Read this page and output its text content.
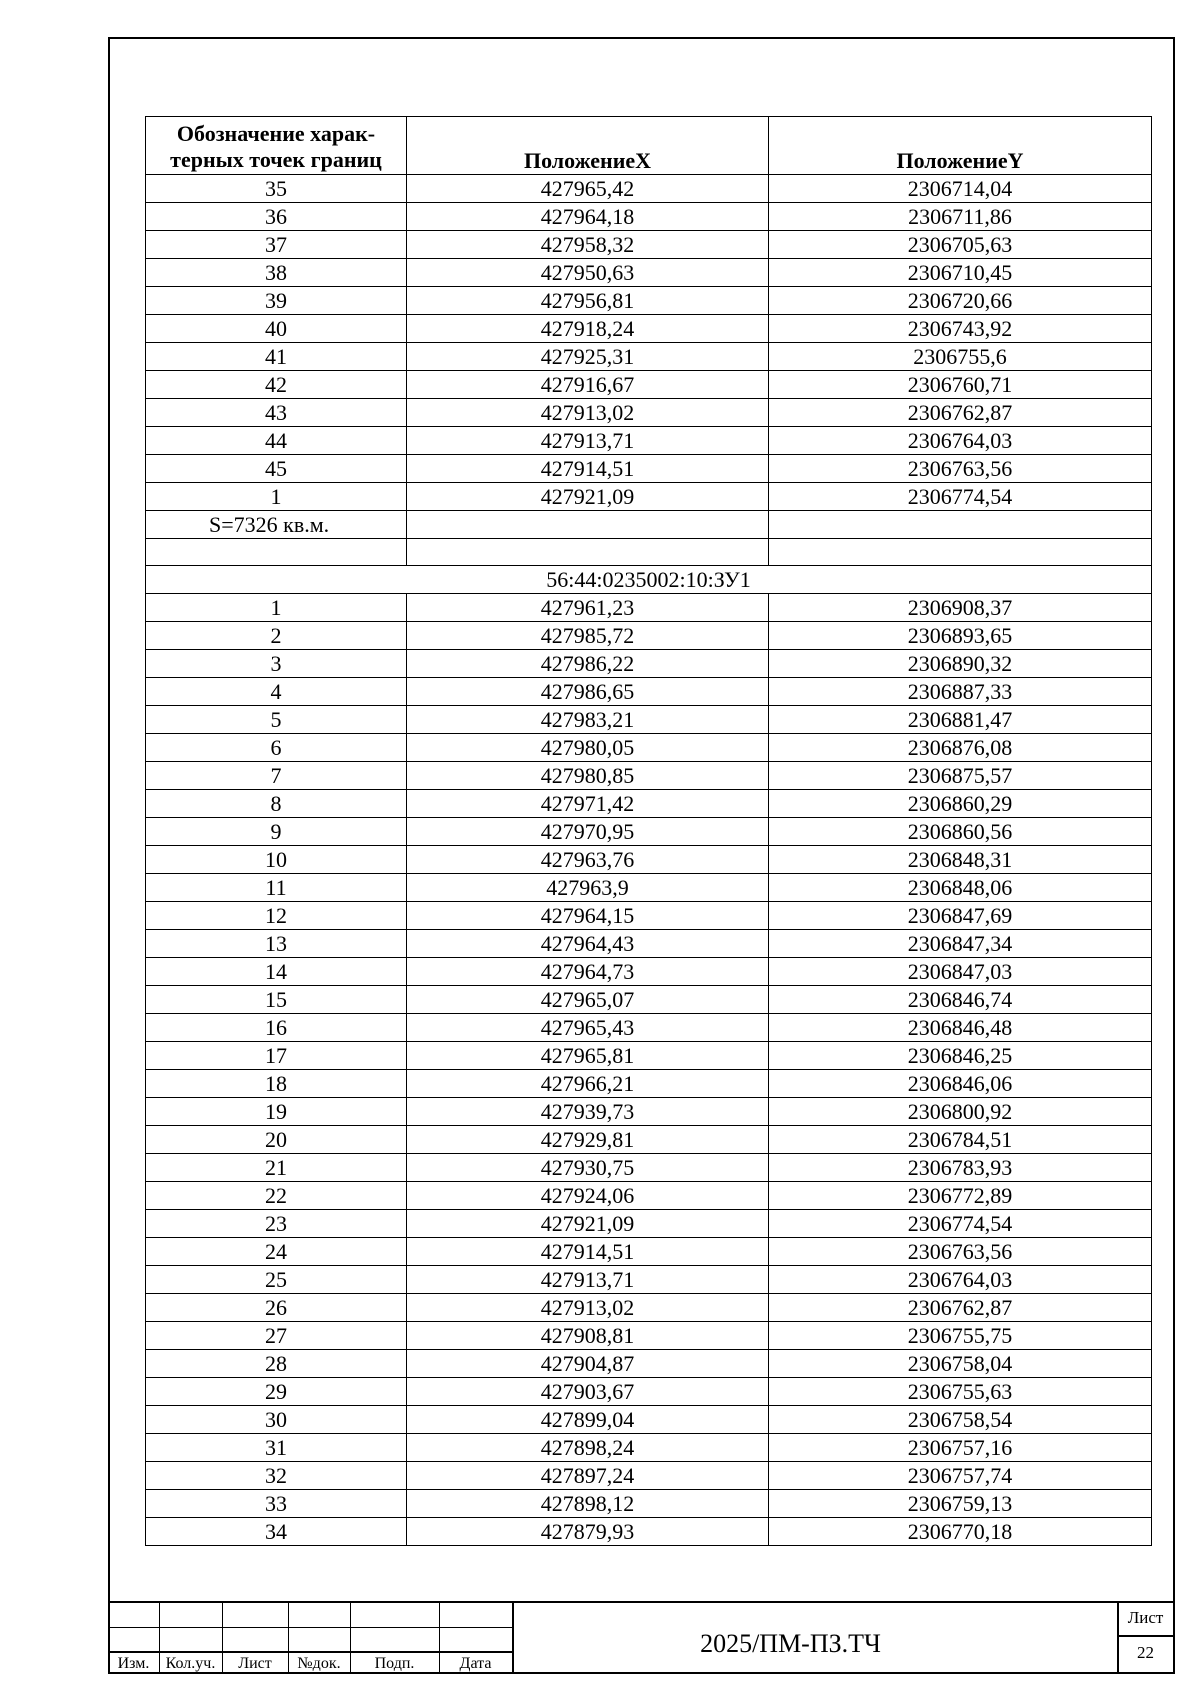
Обозначение харак-терных точек границ	ПоложениеX	ПоложениеY
35	427965,42	2306714,04
36	427964,18	2306711,86
37	427958,32	2306705,63
38	427950,63	2306710,45
39	427956,81	2306720,66
40	427918,24	2306743,92
41	427925,31	2306755,6
42	427916,67	2306760,71
43	427913,02	2306762,87
44	427913,71	2306764,03
45	427914,51	2306763,56
1	427921,09	2306774,54
S=7326 кв.м.		

56:44:0235002:10:ЗУ1		
1	427961,23	2306908,37
2	427985,72	2306893,65
3	427986,22	2306890,32
4	427986,65	2306887,33
5	427983,21	2306881,47
6	427980,05	2306876,08
7	427980,85	2306875,57
8	427971,42	2306860,29
9	427970,95	2306860,56
10	427963,76	2306848,31
11	427963,9	2306848,06
12	427964,15	2306847,69
13	427964,43	2306847,34
14	427964,73	2306847,03
15	427965,07	2306846,74
16	427965,43	2306846,48
17	427965,81	2306846,25
18	427966,21	2306846,06
19	427939,73	2306800,92
20	427929,81	2306784,51
21	427930,75	2306783,93
22	427924,06	2306772,89
23	427921,09	2306774,54
24	427914,51	2306763,56
25	427913,71	2306764,03
26	427913,02	2306762,87
27	427908,81	2306755,75
28	427904,87	2306758,04
29	427903,67	2306755,63
30	427899,04	2306758,54
31	427898,24	2306757,16
32	427897,24	2306757,74
33	427898,12	2306759,13
34	427879,93	2306770,18
Изм.	Кол.уч.	Лист	№док.	Подп.	Дата
2025/ПМ-ПЗ.ТЧ
Лист
22
